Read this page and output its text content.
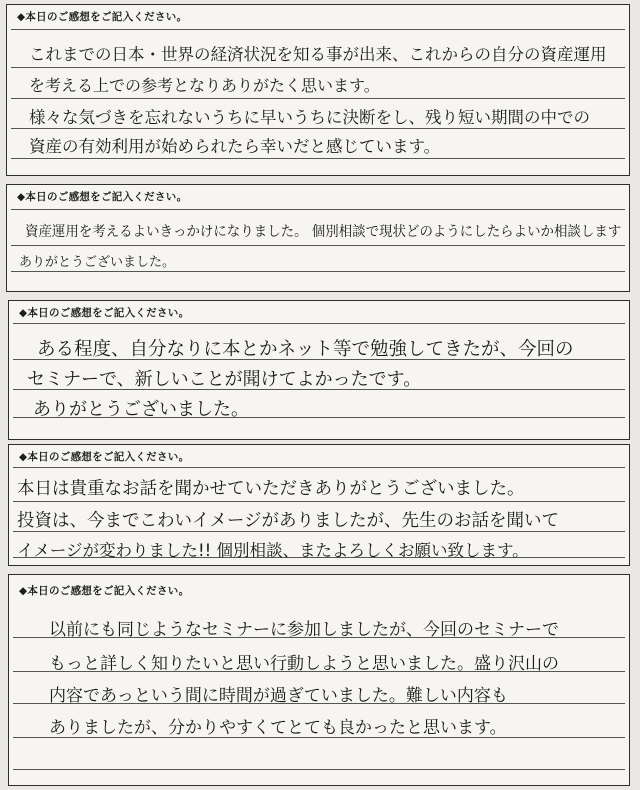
◆本日のご感想をご記入ください。
これまでの日本・世界の経済状況を知る事が出来、これからの自分の資産運用
を考える上での参考となりありがたく思います。
様々な気づきを忘れないうちに早いうちに決断をし、残り短い期間の中での
資産の有効利用が始められたら幸いだと感じています。
◆本日のご感想をご記入ください。
資産運用を考えるよいきっかけになりました。 個別相談で現状どのようにしたらよいか相談します
ありがとうございました。
◆本日のご感想をご記入ください。
ある程度、自分なりに本とかネット等で勉強してきたが、今回の
セミナーで、新しいことが聞けてよかったです。
ありがとうございました。
◆本日のご感想をご記入ください。
本日は貴重なお話を聞かせていただきありがとうございました。
投資は、今までこわいイメージがありましたが、先生のお話を聞いて
イメージが変わりました!! 個別相談、またよろしくお願い致します。
◆本日のご感想をご記入ください。
以前にも同じようなセミナーに参加しましたが、今回のセミナーで
もっと詳しく知りたいと思い行動しようと思いました。盛り沢山の
内容であっという間に時間が過ぎていました。難しい内容も
ありましたが、分かりやすくてとても良かったと思います。
